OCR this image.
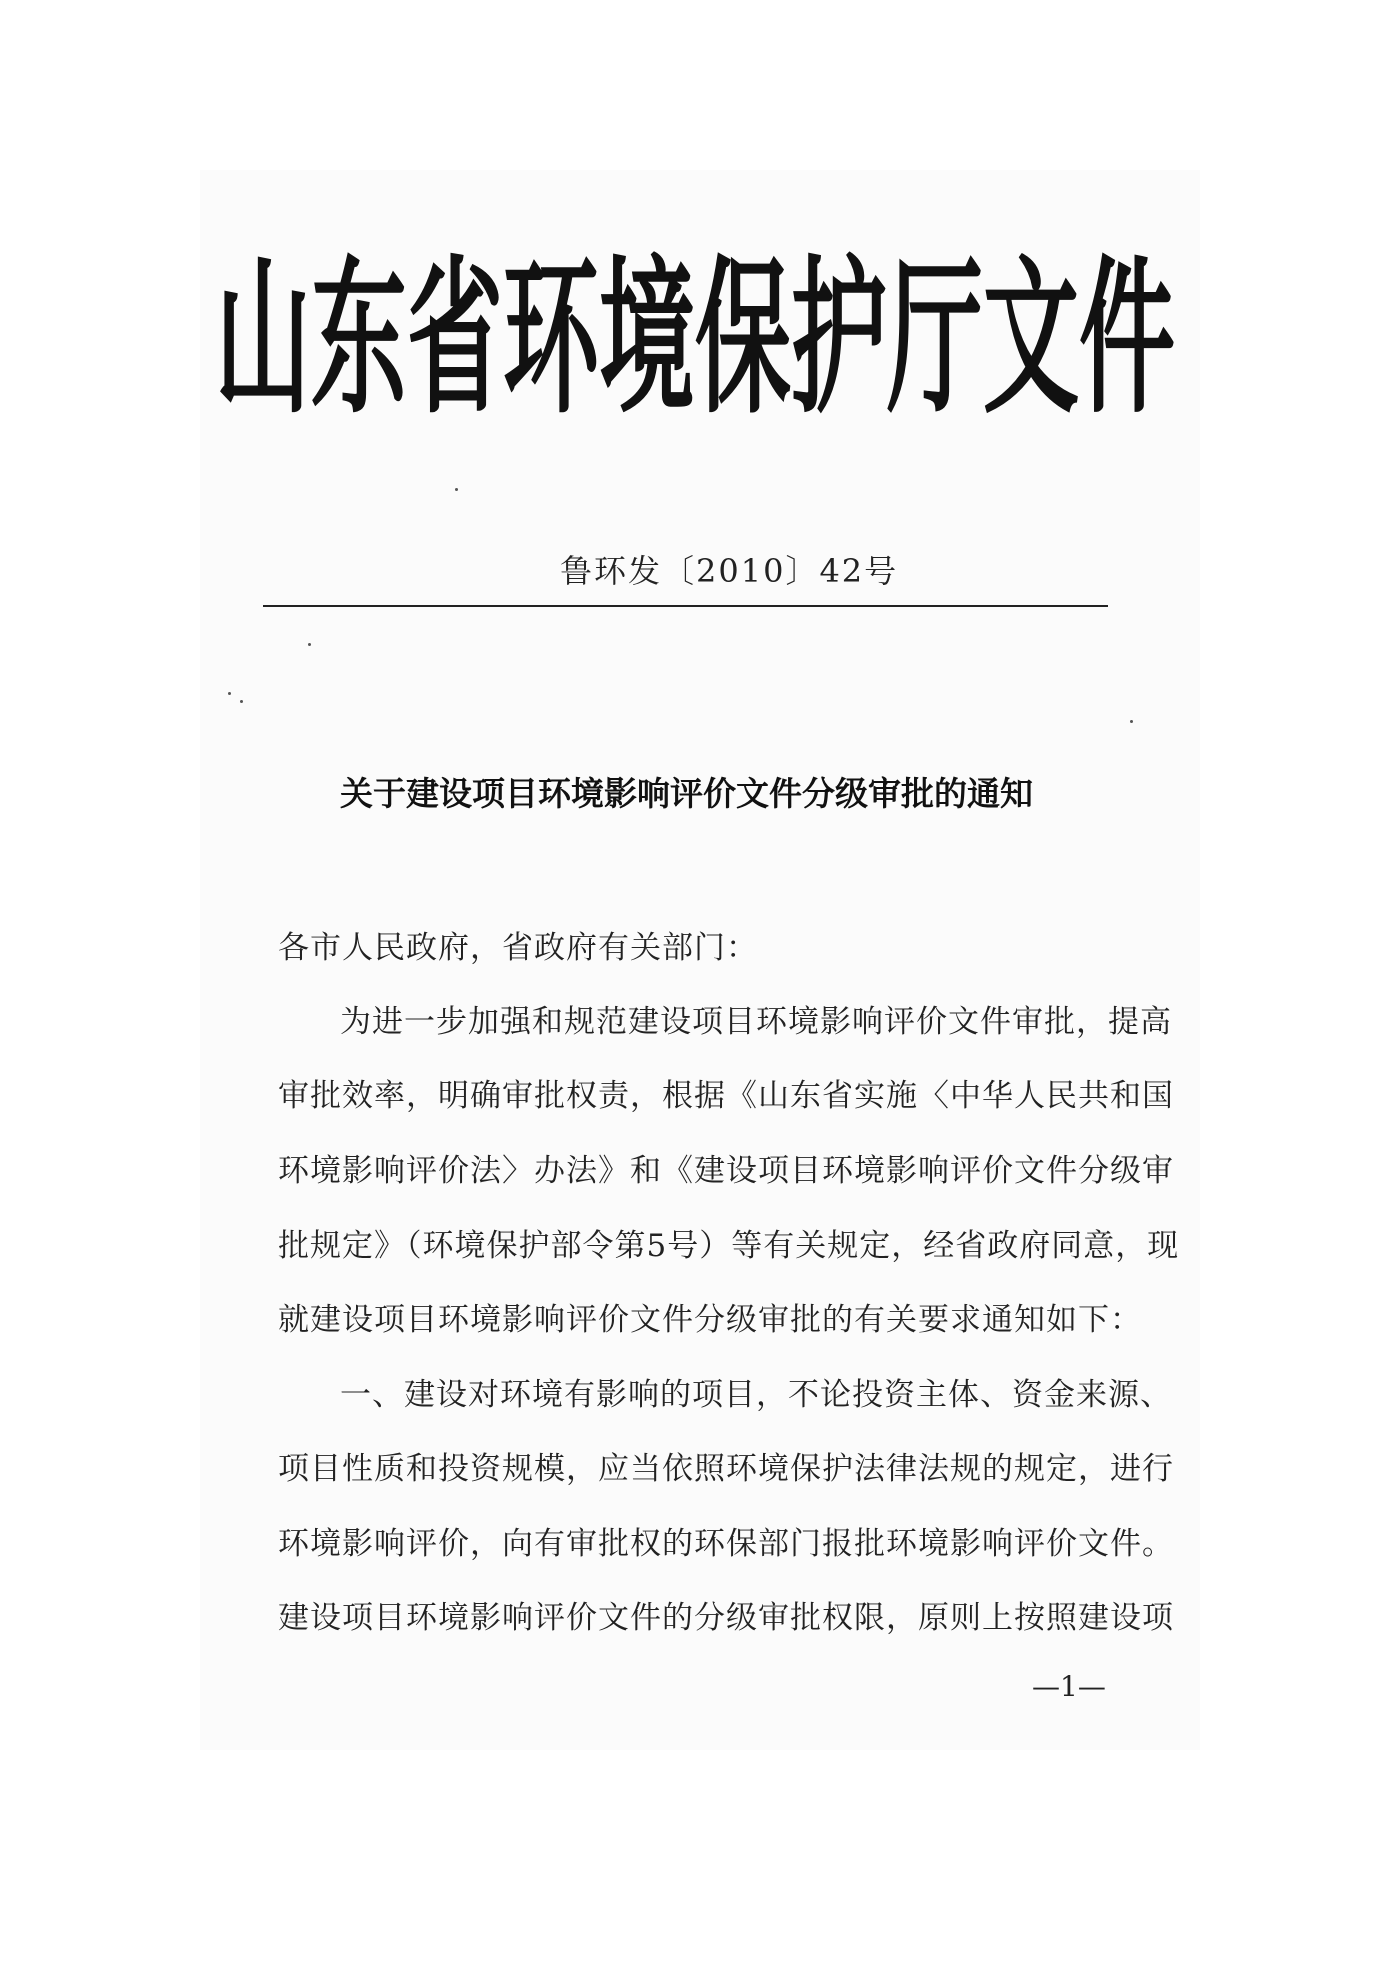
山东省环境保护厅文件
鲁环发〔2010〕42号
关于建设项目环境影响评价文件分级审批的通知
各市人民政府，省政府有关部门：
为进一步加强和规范建设项目环境影响评价文件审批，提高
审批效率，明确审批权责，根据《山东省实施〈中华人民共和国
环境影响评价法〉办法》和《建设项目环境影响评价文件分级审
批规定》（环境保护部令第5号）等有关规定，经省政府同意，现
就建设项目环境影响评价文件分级审批的有关要求通知如下：
一、建设对环境有影响的项目，不论投资主体、资金来源、
项目性质和投资规模，应当依照环境保护法律法规的规定，进行
环境影响评价，向有审批权的环保部门报批环境影响评价文件。
建设项目环境影响评价文件的分级审批权限，原则上按照建设项
—1—
